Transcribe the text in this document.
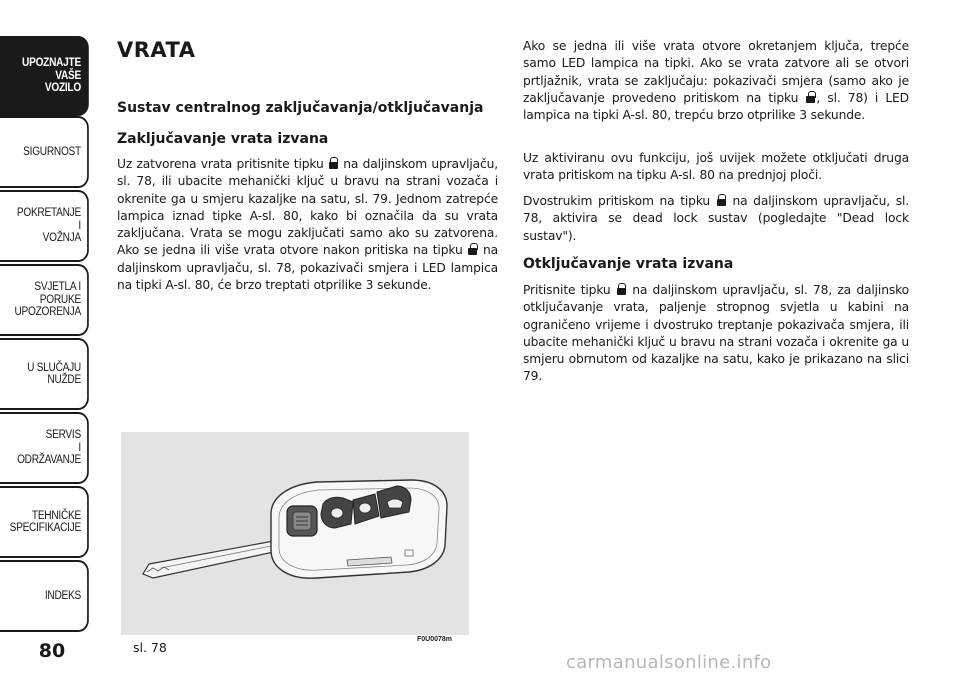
UPOZNAJTE
VAŠE
VOZILO
SIGURNOST
POKRETANJE
I
VOŽNJA
SVJETLA I
PORUKE
UPOZORENJA
U SLUČAJU
NUŽDE
SERVIS
I
ODRŽAVANJE
TEHNIČKE
SPECIFIKACIJE
INDEKS
80
VRATA
Sustav centralnog zaključavanja/otključavanja
Zaključavanje vrata izvana

Uz zatvorena vrata pritisnite tipku  na daljinskom upravljaču, sl. 78, ili ubacite mehanički ključ u bravu na strani vozača i okrenite ga u smjeru kazaljke na satu, sl. 79. Jednom zatrepće lampica iznad tipke A-sl. 80, kako bi označila da su vrata zaključana. Vrata se mogu zaključati samo ako su zatvorena. Ako se jedna ili više vrata otvore nakon pritiska na tipku  na daljinskom upravljaču, sl. 78, pokazivači smjera i LED lampica na tipki A-sl. 80, će brzo treptati otprilike 3 sekunde.

Ako se jedna ili više vrata otvore okretanjem ključa, trepće samo LED lampica na tipki. Ako se vrata zatvore ali se otvori prtljažnik, vrata se zaključaju: pokazivači smjera (samo ako je zaključavanje provedeno pritiskom na tipku , sl. 78) i LED lampica na tipki A-sl. 80, trepću brzo otprilike 3 sekunde.

Uz aktiviranu ovu funkciju, još uvijek možete otključati druga vrata pritiskom na tipku A-sl. 80 na prednjoj ploči.

Dvostrukim pritiskom na tipku  na daljinskom upravljaču, sl. 78, aktivira se dead lock sustav (pogledajte "Dead lock sustav").

Otključavanje vrata izvana

Pritisnite tipku  na daljinskom upravljaču, sl. 78, za daljinsko otključavanje vrata, paljenje stropnog svjetla u kabini na ograničeno vrijeme i dvostruko treptanje pokazivača smjera, ili ubacite mehanički ključ u bravu na strani vozača i okrenite ga u smjeru obrnutom od kazaljke na satu, kako je prikazano na slici 79.

F0U0078m
sl. 78
carmanualsonline.info
